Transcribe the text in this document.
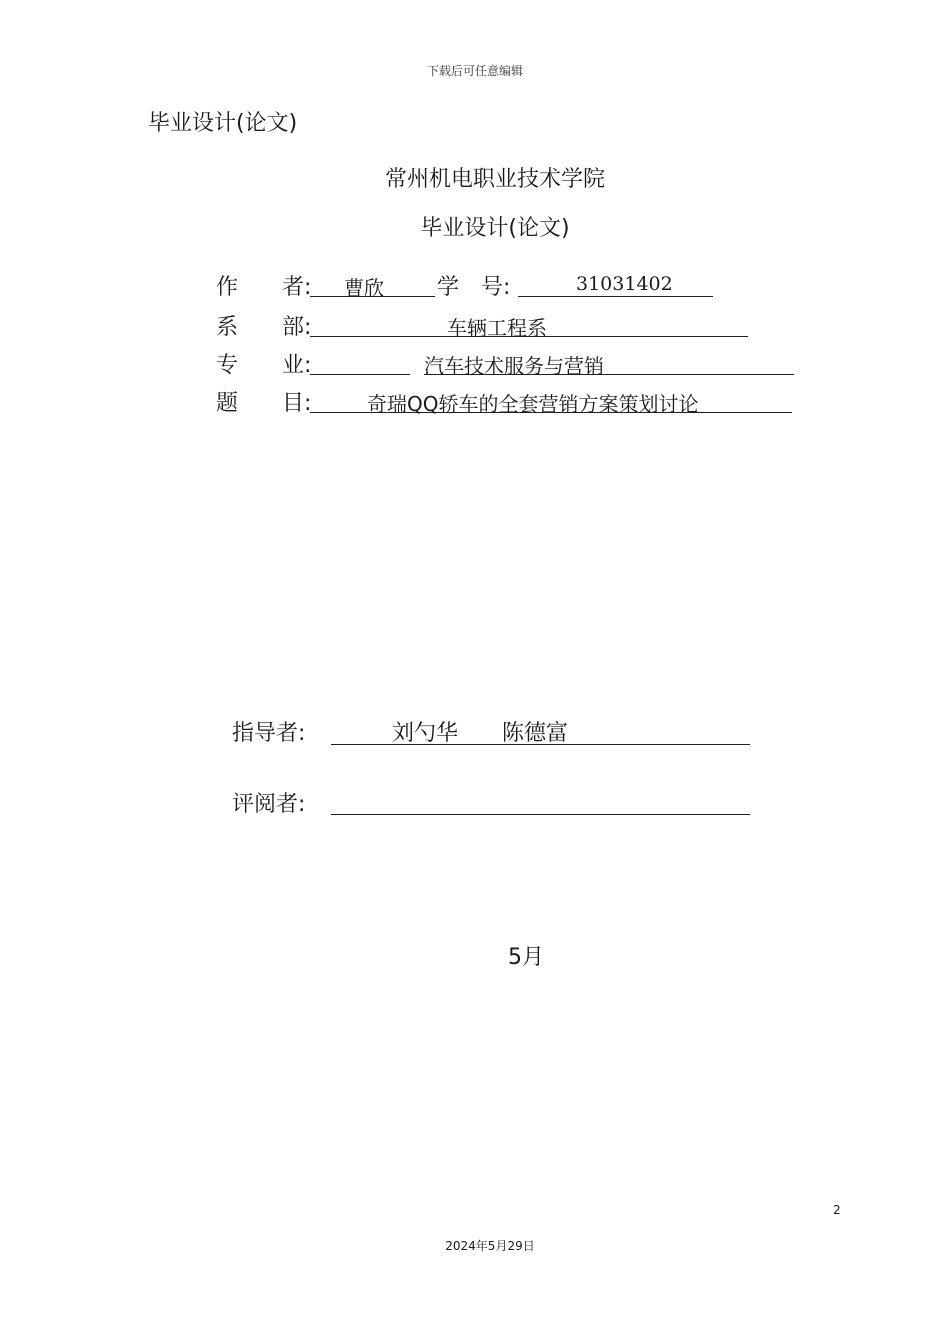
下载后可任意编辑
毕业设计(论文)
常州机电职业技术学院
毕业设计(论文)
作　　者: 曹欣 学　号:	31031402
系　　部:	车辆工程系
专　　业:	汽车技术服务与营销
题　　目:	奇瑞QQ轿车的全套营销方案策划讨论
指导者:	刘勺华　　陈德富
评阅者:
5月
2
2024年5月29日
